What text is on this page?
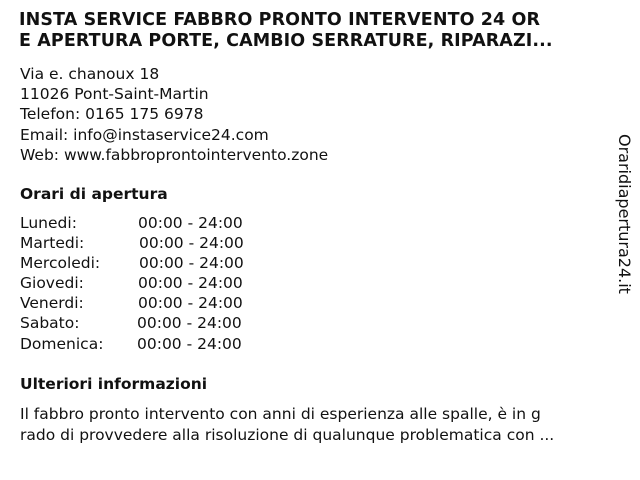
INSTA SERVICE FABBRO PRONTO INTERVENTO 24 OR
E APERTURA PORTE, CAMBIO SERRATURE, RIPARAZI...
Via e. chanoux 18
11026 Pont-Saint-Martin
Telefon: 0165 175 6978
Email: info@instaservice24.com
Web: www.fabbroprontointervento.zone
Orari di apertura
Lunedi:	00:00 - 24:00
Martedi:	00:00 - 24:00
Mercoledi:	00:00 - 24:00
Giovedi:	00:00 - 24:00
Venerdi:	00:00 - 24:00
Sabato:	00:00 - 24:00
Domenica: 00:00 - 24:00
Ulteriori informazioni
Il fabbro pronto intervento con anni di esperienza alle spalle, è in g
rado di provvedere alla risoluzione di qualunque problematica con ...
Oraridiapertura24.it
